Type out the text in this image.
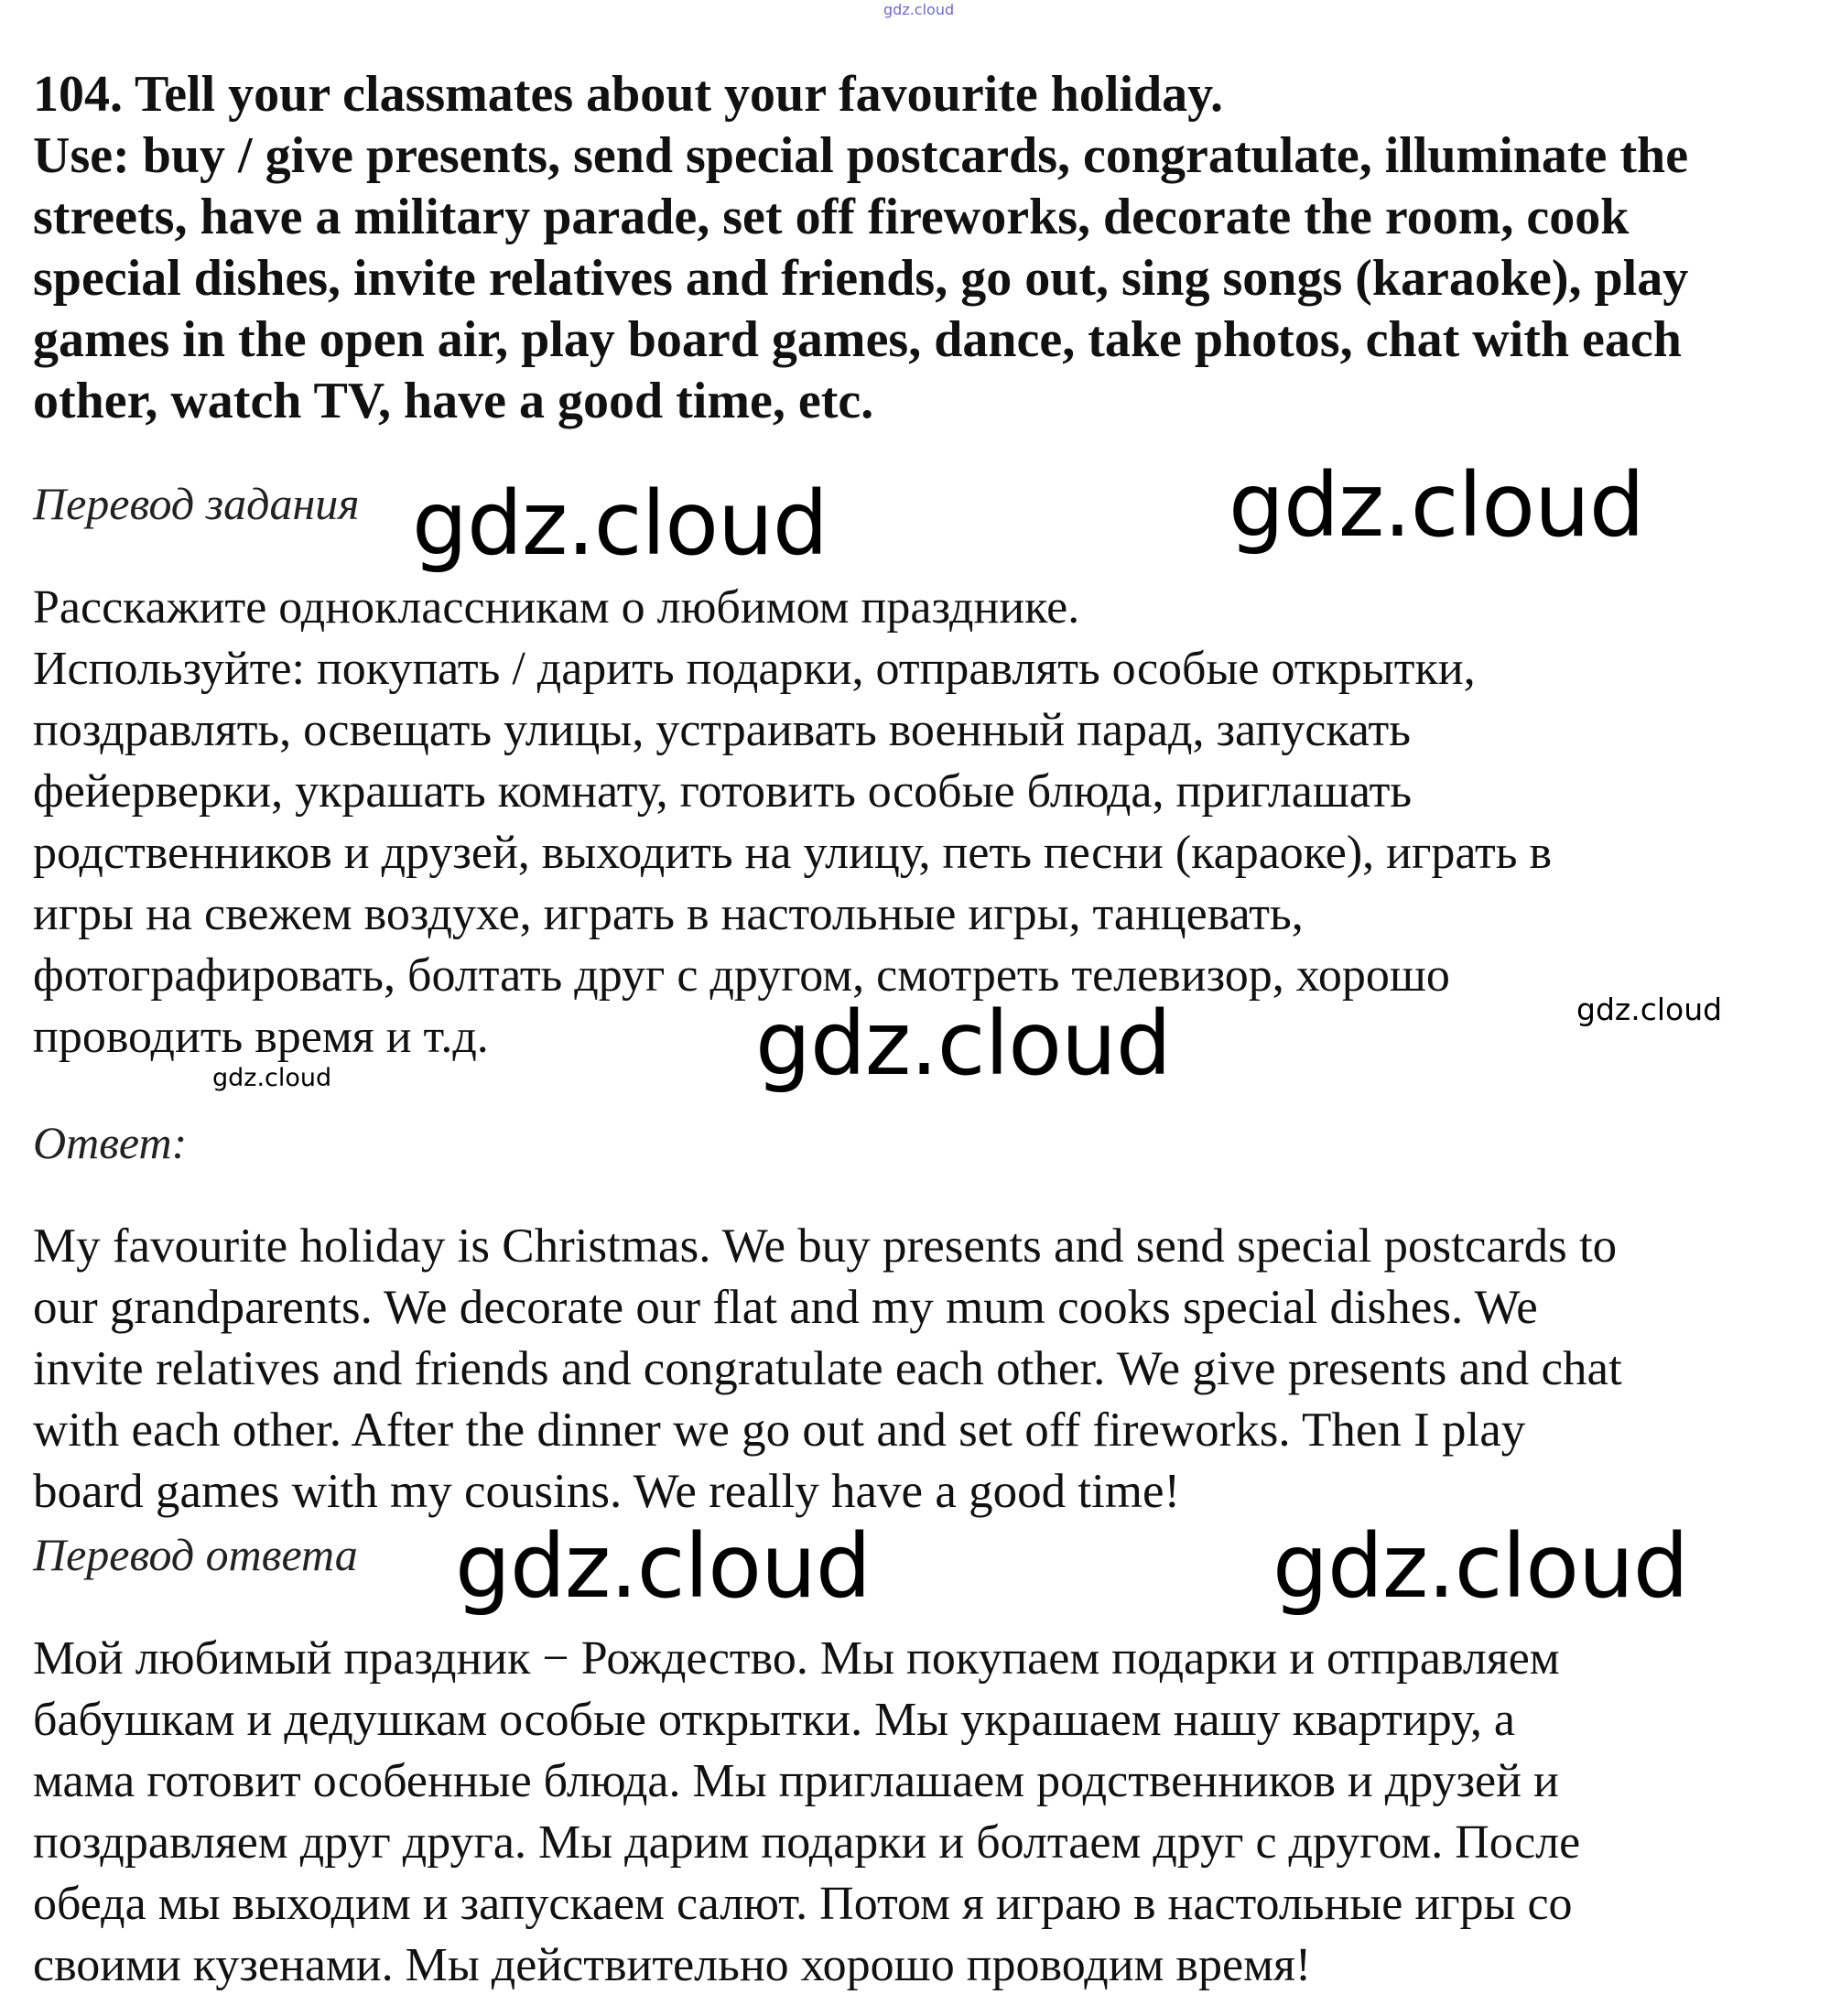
gdz.cloud
104. Tell your classmates about your favourite holiday.
Use: buy / give presents, send special postcards, congratulate, illuminate the
streets, have a military parade, set off fireworks, decorate the room, cook
special dishes, invite relatives and friends, go out, sing songs (karaoke), play
games in the open air, play board games, dance, take photos, chat with each
other, watch TV, have a good time, etc.
Перевод задания gdz.cloud	gdz.cloud
Расскажите одноклассникам о любимом празднике.
Используйте: покупать / дарить подарки, отправлять особые открытки,
поздравлять, освещать улицы, устраивать военный парад, запускать
фейерверки, украшать комнату, готовить особые блюда, приглашать
родственников и друзей, выходить на улицу, петь песни (караоке), играть в
игры на свежем воздухе, играть в настольные игры, танцевать,
фотографировать, болтать друг с другом, смотреть телевизор, хорошо
проводить время и т.д.
gdz.cloud
gdz.cloud
gdz.cloud
Ответ:
My favourite holiday is Christmas. We buy presents and send special postcards to
our grandparents. We decorate our flat and my mum cooks special dishes. We
invite relatives and friends and congratulate each other. We give presents and chat
with each other. After the dinner we go out and set off fireworks. Then I play
board games with my cousins. We really have a good time!
Перевод ответа gdz.cloud	gdz.cloud
Мой любимый праздник − Рождество. Мы покупаем подарки и отправляем
бабушкам и дедушкам особые открытки. Мы украшаем нашу квартиру, а
мама готовит особенные блюда. Мы приглашаем родственников и друзей и
поздравляем друг друга. Мы дарим подарки и болтаем друг с другом. После
обеда мы выходим и запускаем салют. Потом я играю в настольные игры со
своими кузенами. Мы действительно хорошо проводим время!
